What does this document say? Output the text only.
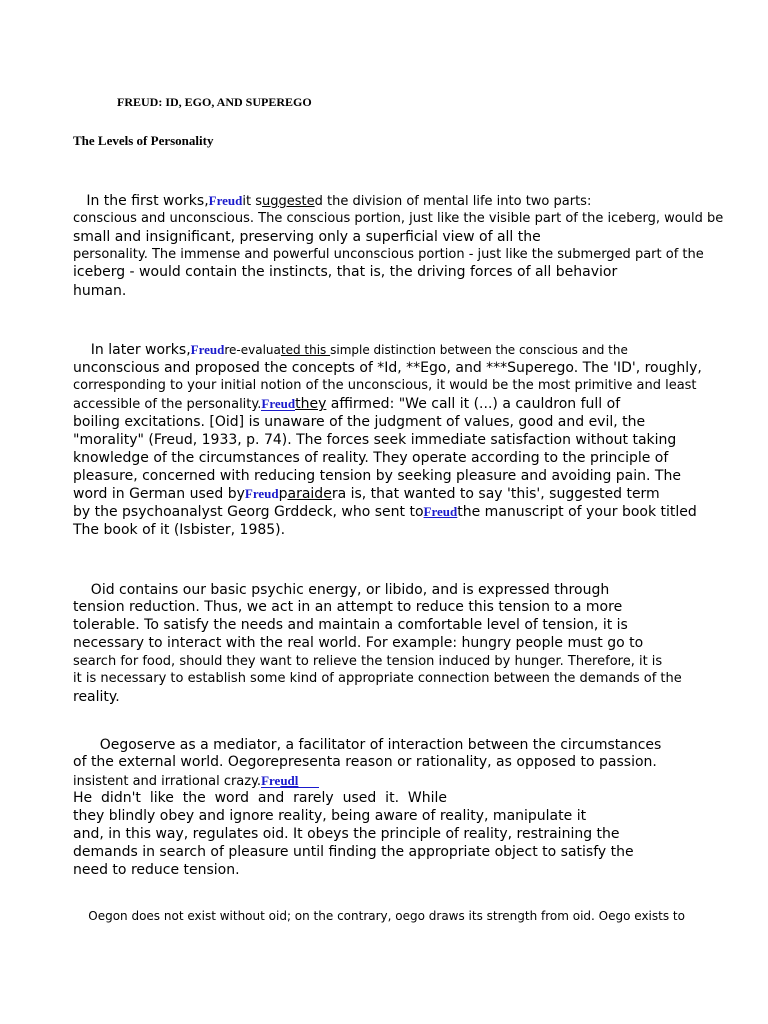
FREUD: ID, EGO, AND SUPEREGO
The Levels of Personality
In the first works,Freudit suggested the division of mental life into two parts:
conscious and unconscious. The conscious portion, just like the visible part of the iceberg, would be
small and insignificant, preserving only a superficial view of all the
personality. The immense and powerful unconscious portion - just like the submerged part of the
iceberg - would contain the instincts, that is, the driving forces of all behavior
human.
In later works,Freudre-evaluated this simple distinction between the conscious and the
unconscious and proposed the concepts of *Id, **Ego, and ***Superego. The 'ID', roughly,
corresponding to your initial notion of the unconscious, it would be the most primitive and least
accessible of the personality.Freudthey affirmed: "We call it (...) a cauldron full of
boiling excitations. [Oid] is unaware of the judgment of values, good and evil, the
"morality" (Freud, 1933, p. 74). The forces seek immediate satisfaction without taking
knowledge of the circumstances of reality. They operate according to the principle of
pleasure, concerned with reducing tension by seeking pleasure and avoiding pain. The
word in German used byFreudparaidera is, that wanted to say 'this', suggested term
by the psychoanalyst Georg Grddeck, who sent toFreudthe manuscript of your book titled
The book of it (Isbister, 1985).
Oid contains our basic psychic energy, or libido, and is expressed through
tension reduction. Thus, we act in an attempt to reduce this tension to a more
tolerable. To satisfy the needs and maintain a comfortable level of tension, it is
necessary to interact with the real world. For example: hungry people must go to
search for food, should they want to relieve the tension induced by hunger. Therefore, it is
it is necessary to establish some kind of appropriate connection between the demands of the
reality.
Oegoserve as a mediator, a facilitator of interaction between the circumstances
of the external world. Oegorepresenta reason or rationality, as opposed to passion.
insistent and irrational crazy.Freudl
He  didn't  like  the  word  and  rarely  used  it.  While
they blindly obey and ignore reality, being aware of reality, manipulate it
and, in this way, regulates oid. It obeys the principle of reality, restraining the
demands in search of pleasure until finding the appropriate object to satisfy the
need to reduce tension.
Oegon does not exist without oid; on the contrary, oego draws its strength from oid. Oego exists to
